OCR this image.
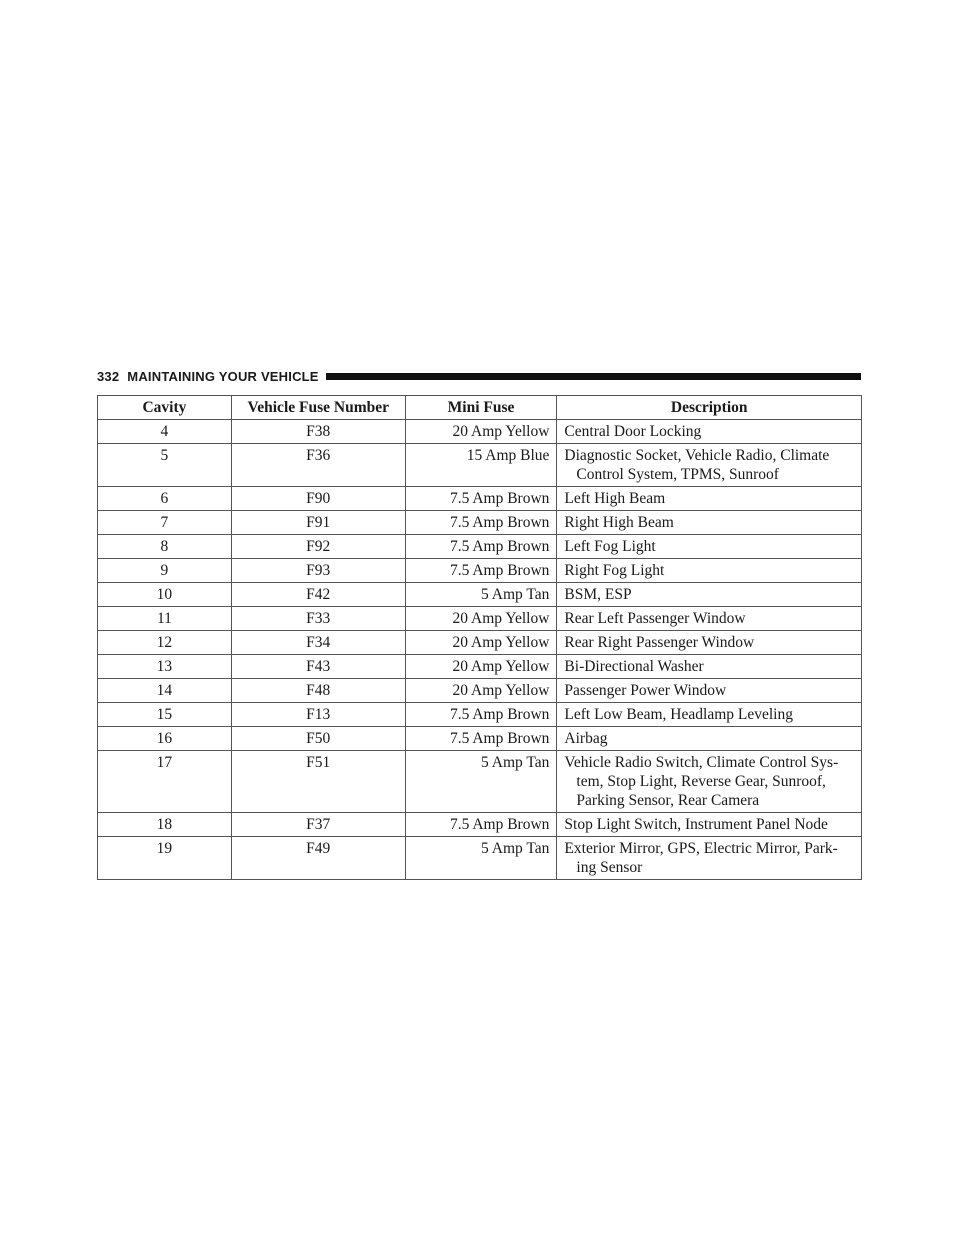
332 MAINTAINING YOUR VEHICLE
Cavity	Vehicle Fuse Number	Mini Fuse	Description
4	F38	20 Amp Yellow	Central Door Locking

5	F36	15 Amp Blue	Diagnostic Socket, Vehicle Radio, Climate
Control System, TPMS, Sunroof

6	F90	7.5 Amp Brown	Left High Beam

7	F91	7.5 Amp Brown	Right High Beam

8	F92	7.5 Amp Brown	Left Fog Light

9	F93	7.5 Amp Brown	Right Fog Light

10	F42	5 Amp Tan	BSM, ESP

11	F33	20 Amp Yellow	Rear Left Passenger Window

12	F34	20 Amp Yellow	Rear Right Passenger Window

13	F43	20 Amp Yellow	Bi-Directional Washer

14	F48	20 Amp Yellow	Passenger Power Window

15	F13	7.5 Amp Brown	Left Low Beam, Headlamp Leveling

16	F50	7.5 Amp Brown	Airbag

17	F51	5 Amp Tan	Vehicle Radio Switch, Climate Control Sys-
tem, Stop Light, Reverse Gear, Sunroof,
Parking Sensor, Rear Camera

18	F37	7.5 Amp Brown	Stop Light Switch, Instrument Panel Node

19	F49	5 Amp Tan	Exterior Mirror, GPS, Electric Mirror, Park-
ing Sensor
